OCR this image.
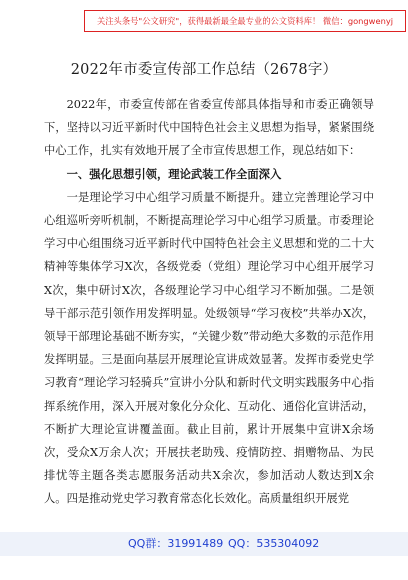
关注头条号"公文研究"，获得最新最全最专业的公文资料库！ 微信：gongwenyj
2022年市委宣传部工作总结（2678字）

2022年，市委宣传部在省委宣传部具体指导和市委正确领导下，坚持以习近平新时代中国特色社会主义思想为指导，紧紧围绕中心工作，扎实有效地开展了全市宣传思想工作，现总结如下：

一、强化思想引领，理论武装工作全面深入

一是理论学习中心组学习质量不断提升。建立完善理论学习中心组巡听旁听机制，不断提高理论学习中心组学习质量。市委理论学习中心组围绕习近平新时代中国特色社会主义思想和党的二十大精神等集体学习X次，各级党委（党组）理论学习中心组开展学习X次，集中研讨X次，各级理论学习中心组学习不断加强。二是领导干部示范引领作用发挥明显。处级领导“学习夜校”共举办X次，领导干部理论基础不断夯实，“关键少数”带动绝大多数的示范作用发挥明显。三是面向基层开展理论宣讲成效显著。发挥市委党史学习教育“理论学习轻骑兵”宣讲小分队和新时代文明实践服务中心指挥系统作用，深入开展对象化分众化、互动化、通俗化宣讲活动，不断扩大理论宣讲覆盖面。截止目前，累计开展集中宣讲X余场次，受众X万余人次；开展扶老助残、疫情防控、捐赠物品、为民排忧等主题各类志愿服务活动共X余次，参加活动人数达到X余人。四是推动党史学习教育常态化长效化。高质量组织开展党

QQ群：31991489 QQ：535304092
